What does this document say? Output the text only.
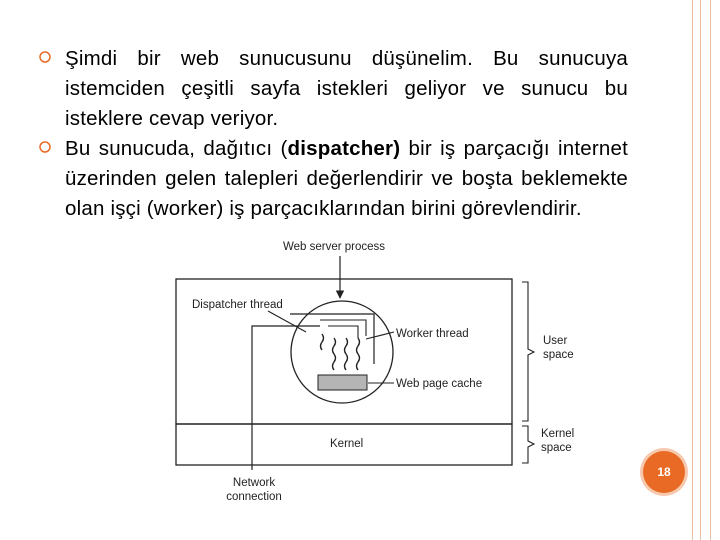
Şimdi bir web sunucusunu düşünelim. Bu sunucuya istemciden çeşitli sayfa istekleri geliyor ve sunucu bu isteklere cevap veriyor.
Bu sunucuda, dağıtıcı (dispatcher) bir iş parçacığı internet üzerinden gelen talepleri değerlendirir ve boşta beklemekte olan işçi (worker) iş parçacıklarından birini görevlendirir.
Web server process
Dispatcher thread
Worker thread
Web page cache
Kernel
User space
Kernel space
Network connection
18
